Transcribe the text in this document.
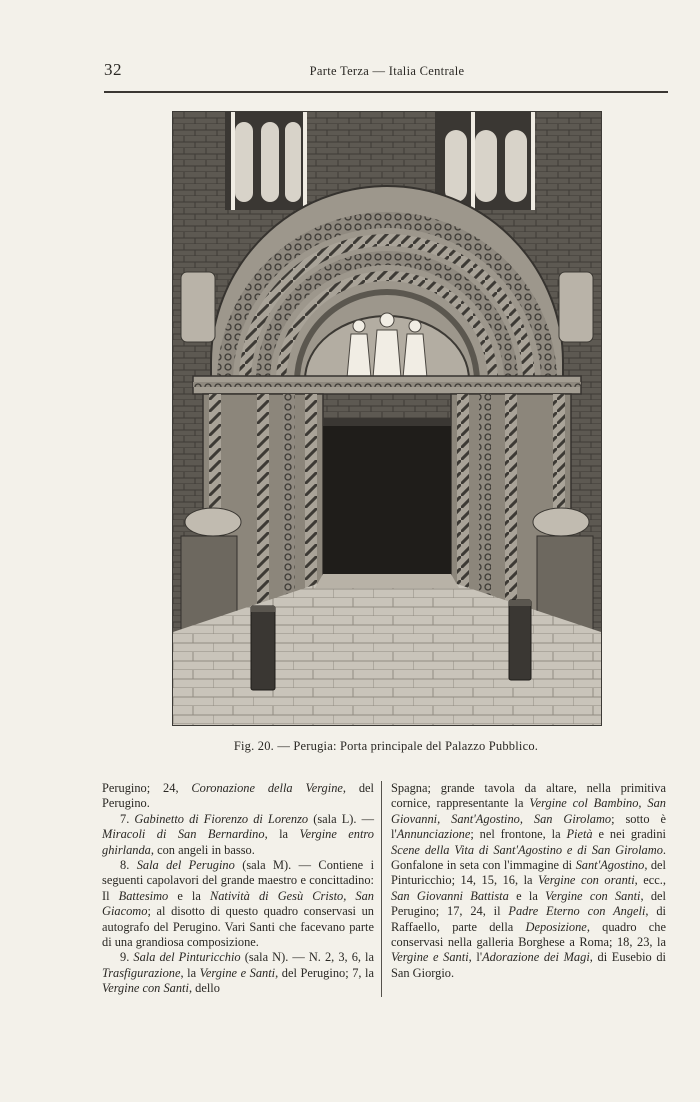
32	Parte Terza — Italia Centrale
Fig. 20. — Perugia: Porta principale del Palazzo Pubblico.

Perugino; 24, Coronazione della Vergine, del Perugino.

7. Gabinetto di Fiorenzo di Lorenzo (sala L). — Miracoli di San Bernardino, la Vergine entro ghirlanda, con angeli in basso.

8. Sala del Perugino (sala M). — Contiene i seguenti capolavori del grande maestro e concittadino: Il Battesimo e la Natività di Gesù Cristo, San Giacomo; al disotto di questo quadro conservasi un autografo del Perugino. Vari Santi che facevano parte di una grandiosa composizione.

9. Sala del Pinturicchio (sala N). — N. 2, 3, 6, la Trasfigurazione, la Vergine e Santi, del Perugino; 7, la Vergine con Santi, dello

Spagna; grande tavola da altare, nella primitiva cornice, rappresentante la Vergine col Bambino, San Giovanni, Sant'Agostino, San Girolamo; sotto è l'Annunciazione; nel frontone, la Pietà e nei gradini Scene della Vita di Sant'Agostino e di San Girolamo. Gonfalone in seta con l'immagine di Sant'Agostino, del Pinturicchio; 14, 15, 16, la Vergine con oranti, ecc., San Giovanni Battista e la Vergine con Santi, del Perugino; 17, 24, il Padre Eterno con Angeli, di Raffaello, parte della Deposizione, quadro che conservasi nella galleria Borghese a Roma; 18, 23, la Vergine e Santi, l'Adorazione dei Magi, di Eusebio di San Giorgio.
